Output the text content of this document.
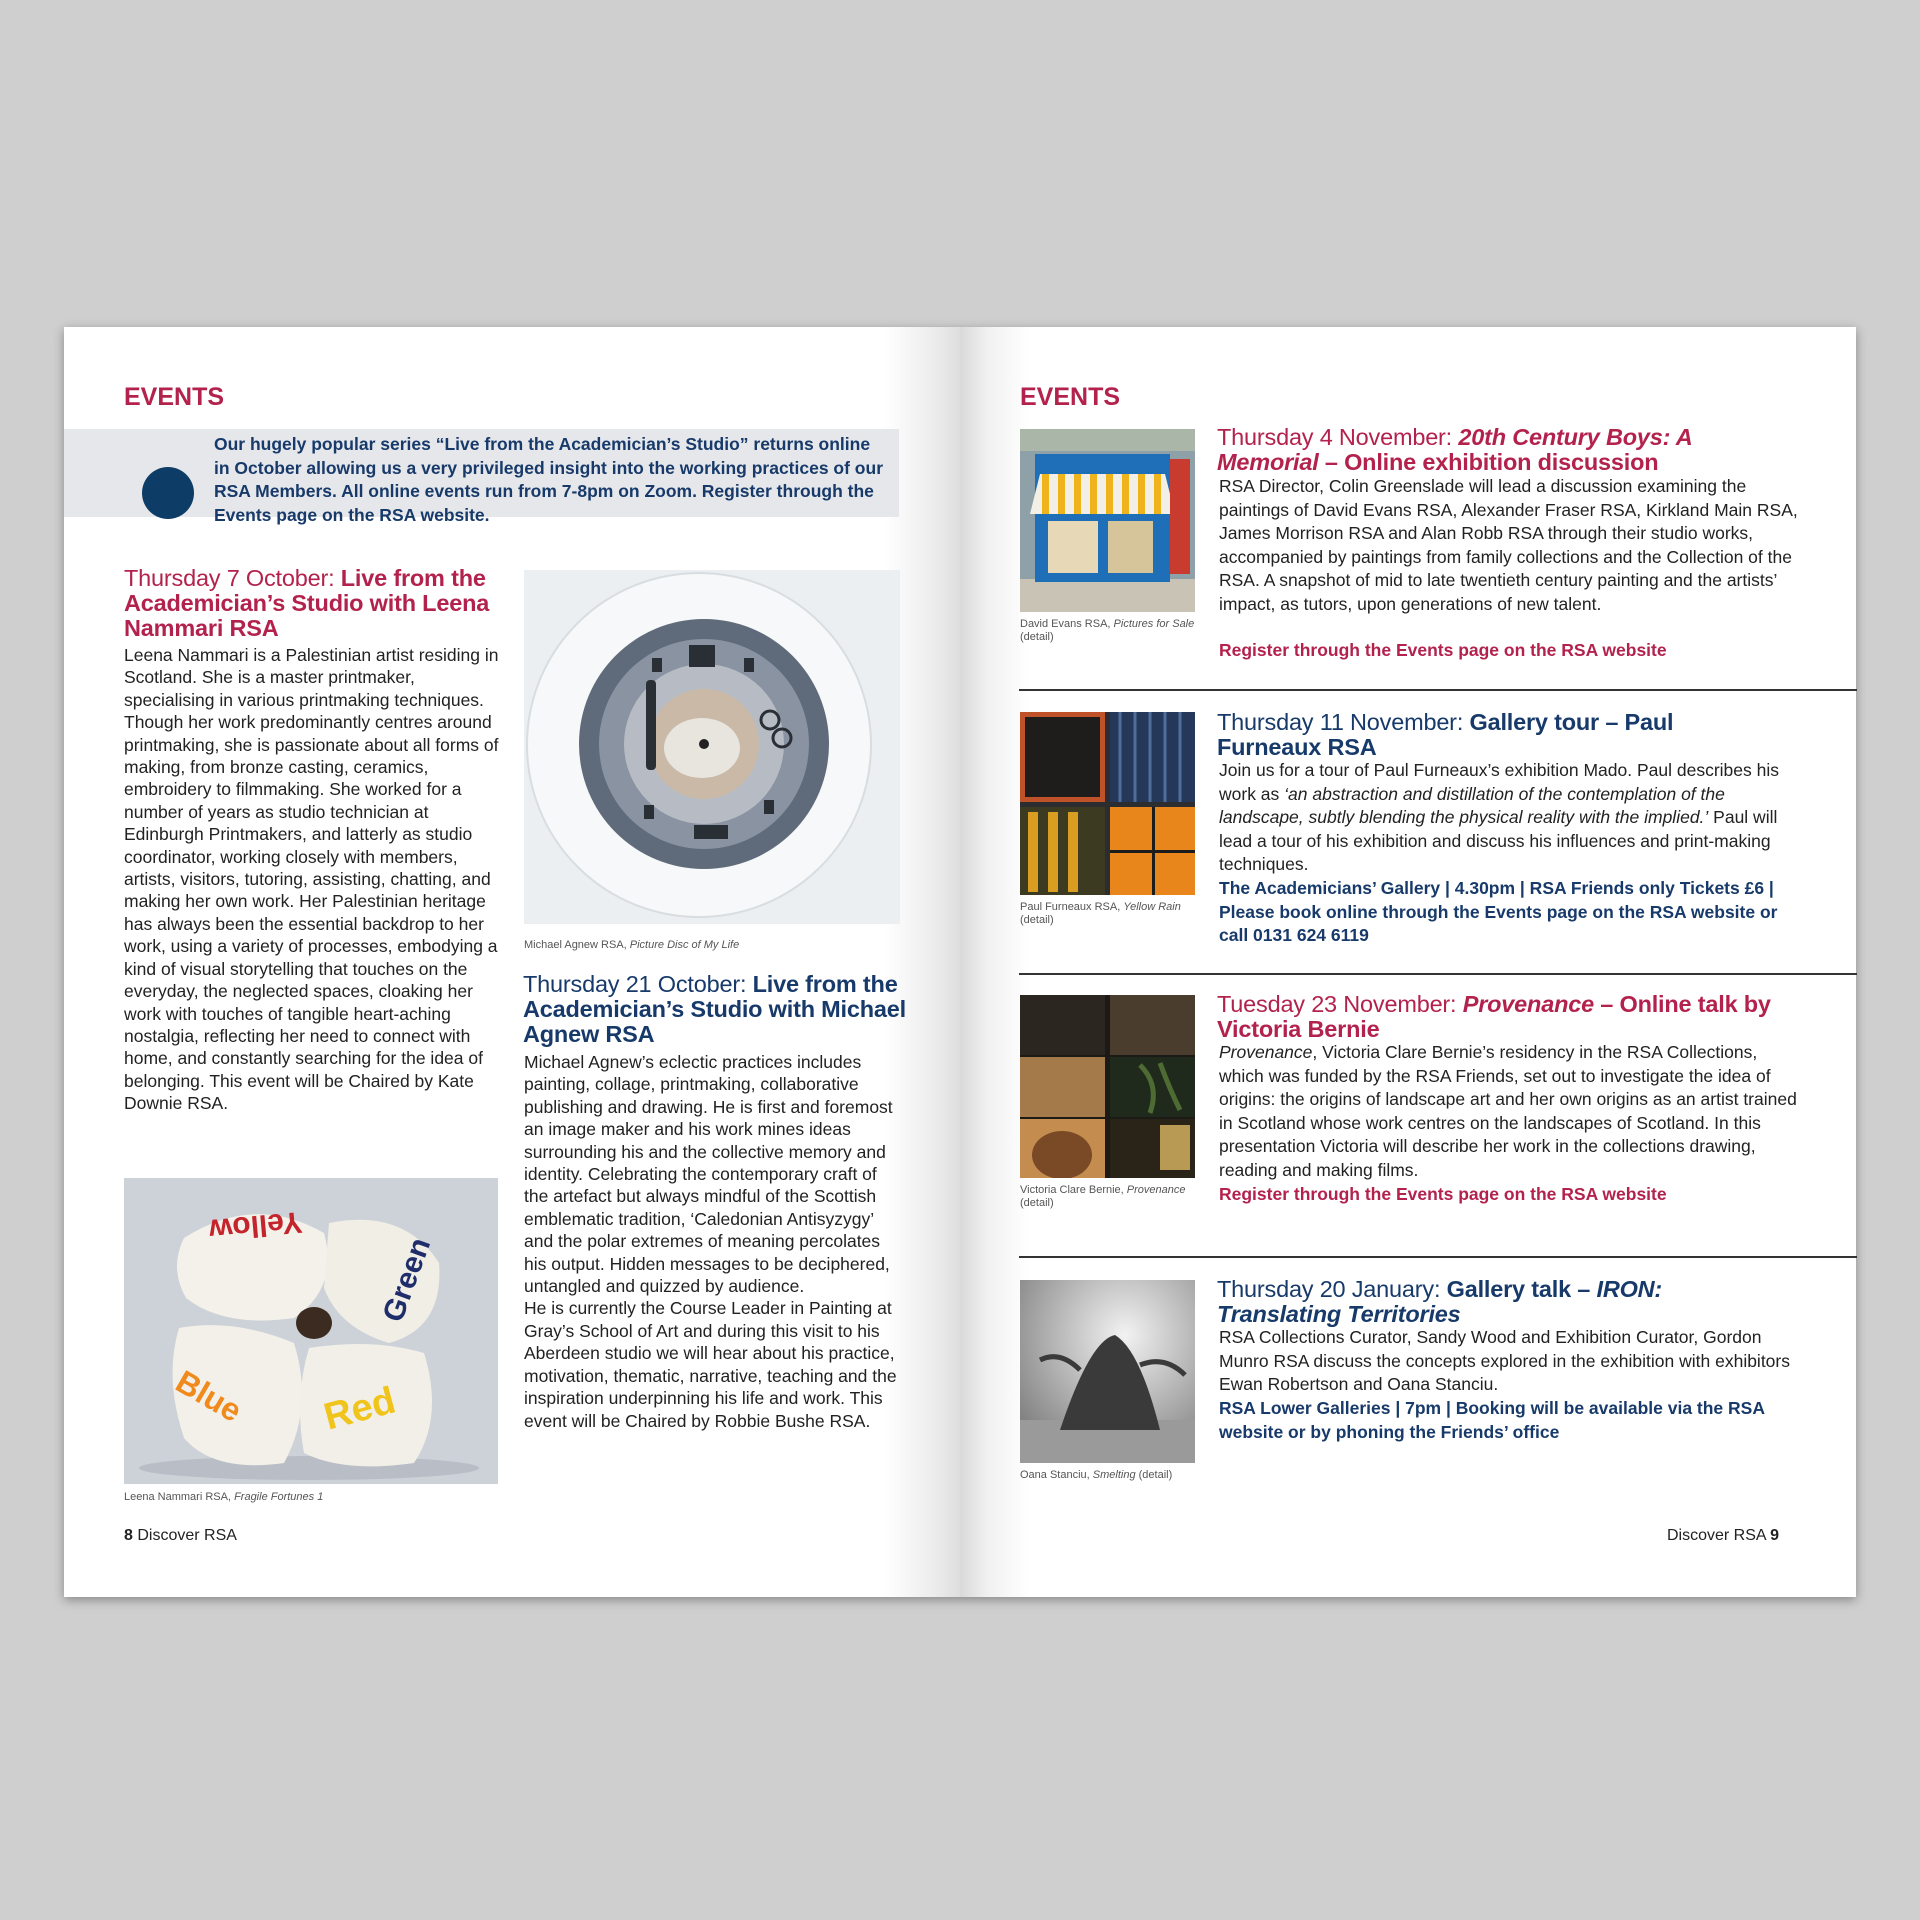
EVENTS
Our hugely popular series “Live from the Academician’s Studio” returns online in October allowing us a very privileged insight into the working practices of our RSA Members. All online events run from 7-8pm on Zoom. Register through the Events page on the RSA website.
Thursday 7 October: Live from the Academician’s Studio with Leena Nammari RSA
Leena Nammari is a Palestinian artist residing in Scotland. She is a master printmaker, specialising in various printmaking techniques. Though her work predominantly centres around printmaking, she is passionate about all forms of making, from bronze casting, ceramics, embroidery to filmmaking. She worked for a number of years as studio technician at Edinburgh Printmakers, and latterly as studio coordinator, working closely with members, artists, visitors, tutoring, assisting, chatting, and making her own work. Her Palestinian heritage has always been the essential backdrop to her work, using a variety of processes, embodying a kind of visual storytelling that touches on the everyday, the neglected spaces, cloaking her work with touches of tangible heart-aching nostalgia, reflecting her need to connect with home, and constantly searching for the idea of belonging. This event will be Chaired by Kate Downie RSA.
Michael Agnew RSA, Picture Disc of My Life
Thursday 21 October: Live from the Academician’s Studio with Michael Agnew RSA

Michael Agnew’s eclectic practices includes painting, collage, printmaking, collaborative publishing and drawing. He is first and foremost an image maker and his work mines ideas surrounding his and the collective memory and identity. Celebrating the contemporary craft of the artefact but always mindful of the Scottish emblematic tradition, ‘Caledonian Antisyzygy’ and the polar extremes of meaning percolates his output. Hidden messages to be deciphered, untangled and quizzed by audience.

He is currently the Course Leader in Painting at Gray’s School of Art and during this visit to his Aberdeen studio we will hear about his practice, motivation, thematic, narrative, teaching and the inspiration underpinning his life and work. This event will be Chaired by Robbie Bushe RSA.

Yellow
Green
Blue Red
Leena Nammari RSA, Fragile Fortunes 1
8 Discover RSA
EVENTS
David Evans RSA, Pictures for Sale
(detail)
Thursday 4 November: 20th Century Boys: A Memorial – Online exhibition discussion
RSA Director, Colin Greenslade will lead a discussion examining the paintings of David Evans RSA, Alexander Fraser RSA, Kirkland Main RSA, James Morrison RSA and Alan Robb RSA through their studio works, accompanied by paintings from family collections and the Collection of the RSA. A snapshot of mid to late twentieth century painting and the artists’ impact, as tutors, upon generations of new talent.
Register through the Events page on the RSA website
Paul Furneaux RSA, Yellow Rain
(detail)
Thursday 11 November: Gallery tour – Paul Furneaux RSA
Join us for a tour of Paul Furneaux’s exhibition Mado. Paul describes his work as ‘an abstraction and distillation of the contemplation of the landscape, subtly blending the physical reality with the implied.’ Paul will lead a tour of his exhibition and discuss his influences and print-making techniques.
The Academicians’ Gallery | 4.30pm | RSA Friends only Tickets £6 | Please book online through the Events page on the RSA website or call 0131 624 6119
Victoria Clare Bernie, Provenance
(detail)
Tuesday 23 November: Provenance – Online talk by Victoria Bernie
Provenance, Victoria Clare Bernie’s residency in the RSA Collections, which was funded by the RSA Friends, set out to investigate the idea of origins: the origins of landscape art and her own origins as an artist trained in Scotland whose work centres on the landscapes of Scotland. In this presentation Victoria will describe her work in the collections drawing, reading and making films.
Register through the Events page on the RSA website
Oana Stanciu, Smelting (detail)
Thursday 20 January: Gallery talk – IRON: Translating Territories
RSA Collections Curator, Sandy Wood and Exhibition Curator, Gordon Munro RSA discuss the concepts explored in the exhibition with exhibitors Ewan Robertson and Oana Stanciu.
RSA Lower Galleries | 7pm | Booking will be available via the RSA website or by phoning the Friends’ office
Discover RSA 9
